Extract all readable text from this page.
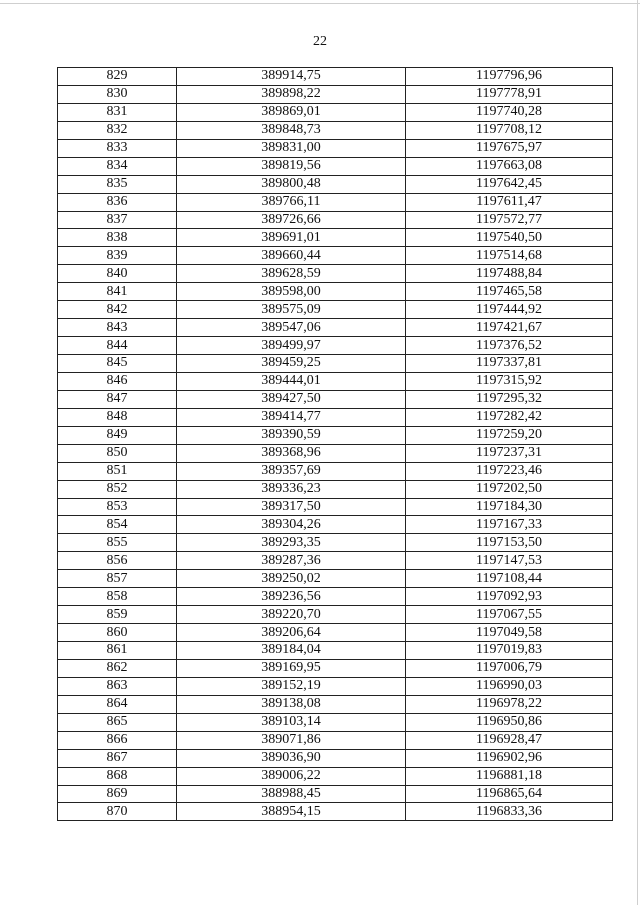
22
829	389914,75	1197796,96
830	389898,22	1197778,91
831	389869,01	1197740,28
832	389848,73	1197708,12
833	389831,00	1197675,97
834	389819,56	1197663,08
835	389800,48	1197642,45
836	389766,11	1197611,47
837	389726,66	1197572,77
838	389691,01	1197540,50
839	389660,44	1197514,68
840	389628,59	1197488,84
841	389598,00	1197465,58
842	389575,09	1197444,92
843	389547,06	1197421,67
844	389499,97	1197376,52
845	389459,25	1197337,81
846	389444,01	1197315,92
847	389427,50	1197295,32
848	389414,77	1197282,42
849	389390,59	1197259,20
850	389368,96	1197237,31
851	389357,69	1197223,46
852	389336,23	1197202,50
853	389317,50	1197184,30
854	389304,26	1197167,33
855	389293,35	1197153,50
856	389287,36	1197147,53
857	389250,02	1197108,44
858	389236,56	1197092,93
859	389220,70	1197067,55
860	389206,64	1197049,58
861	389184,04	1197019,83
862	389169,95	1197006,79
863	389152,19	1196990,03
864	389138,08	1196978,22
865	389103,14	1196950,86
866	389071,86	1196928,47
867	389036,90	1196902,96
868	389006,22	1196881,18
869	388988,45	1196865,64
870	388954,15	1196833,36
